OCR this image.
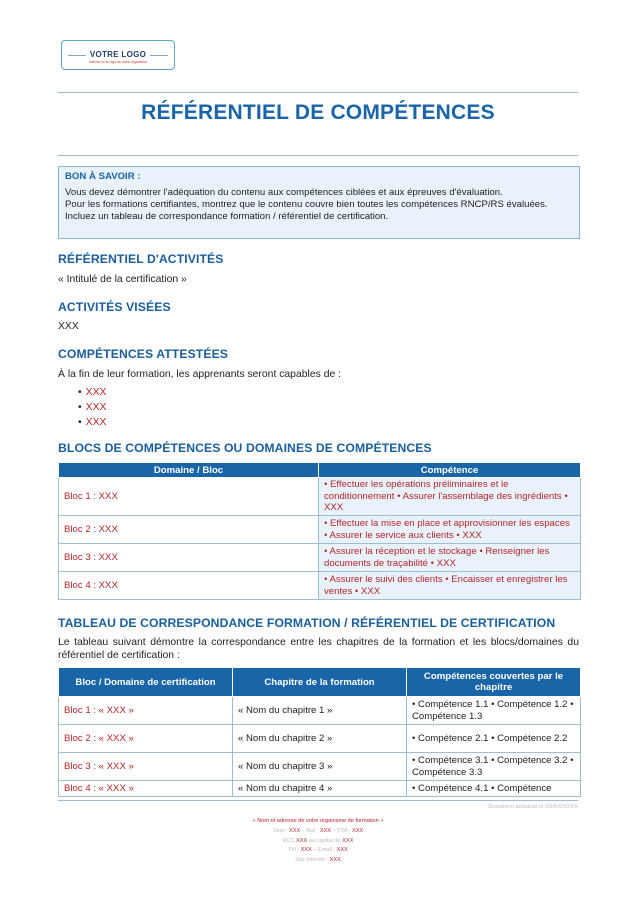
VOTRE LOGO
Insérez ici le logo de votre organisme
RÉFÉRENTIEL DE COMPÉTENCES
BON À SAVOIR :
Vous devez démontrer l'adéquation du contenu aux compétences ciblées et aux épreuves d'évaluation.
Pour les formations certifiantes, montrez que le contenu couvre bien toutes les compétences RNCP/RS évaluées.
Incluez un tableau de correspondance formation / référentiel de certification.
RÉFÉRENTIEL D'ACTIVITÉS
« Intitulé de la certification »
ACTIVITÉS VISÉES
XXX
COMPÉTENCES ATTESTÉES
À la fin de leur formation, les apprenants seront capables de :
• XXX
• XXX
• XXX
BLOCS DE COMPÉTENCES OU DOMAINES DE COMPÉTENCES
Domaine / Bloc	Compétence
Bloc 1 : XXX	• Effectuer les opérations préliminaires et le conditionnement • Assurer l'assemblage des ingrédients • XXX
Bloc 2 : XXX	• Effectuer la mise en place et approvisionner les espaces • Assurer le service aux clients • XXX
Bloc 3 : XXX	• Assurer la réception et le stockage • Renseigner les documents de traçabilité • XXX
Bloc 4 : XXX	• Assurer le suivi des clients • Encaisser et enregistrer les ventes • XXX
TABLEAU DE CORRESPONDANCE FORMATION / RÉFÉRENTIEL DE CERTIFICATION
Le tableau suivant démontre la correspondance entre les chapitres de la formation et les blocs/domaines du référentiel de certification :
Bloc / Domaine de certification	Chapitre de la formation	Compétences couvertes par le chapitre
Bloc 1 : « XXX »	« Nom du chapitre 1 »	• Compétence 1.1 • Compétence 1.2 • Compétence 1.3
Bloc 2 : « XXX »	« Nom du chapitre 2 »	• Compétence 2.1 • Compétence 2.2
Bloc 3 : « XXX »	« Nom du chapitre 3 »	• Compétence 3.1 • Compétence 3.2 • Compétence 3.3
Bloc 4 : « XXX »	« Nom du chapitre 4 »	• Compétence 4.1 • Compétence
Document actualisé le XX/XX/XXXX
« Nom et adresse de votre organisme de formation »
Siret : XXX – Naf : XXX – TVA : XXX
RCS XXX au capital de XXX
Tél : XXX – Email : XXX
Site internet : XXX
